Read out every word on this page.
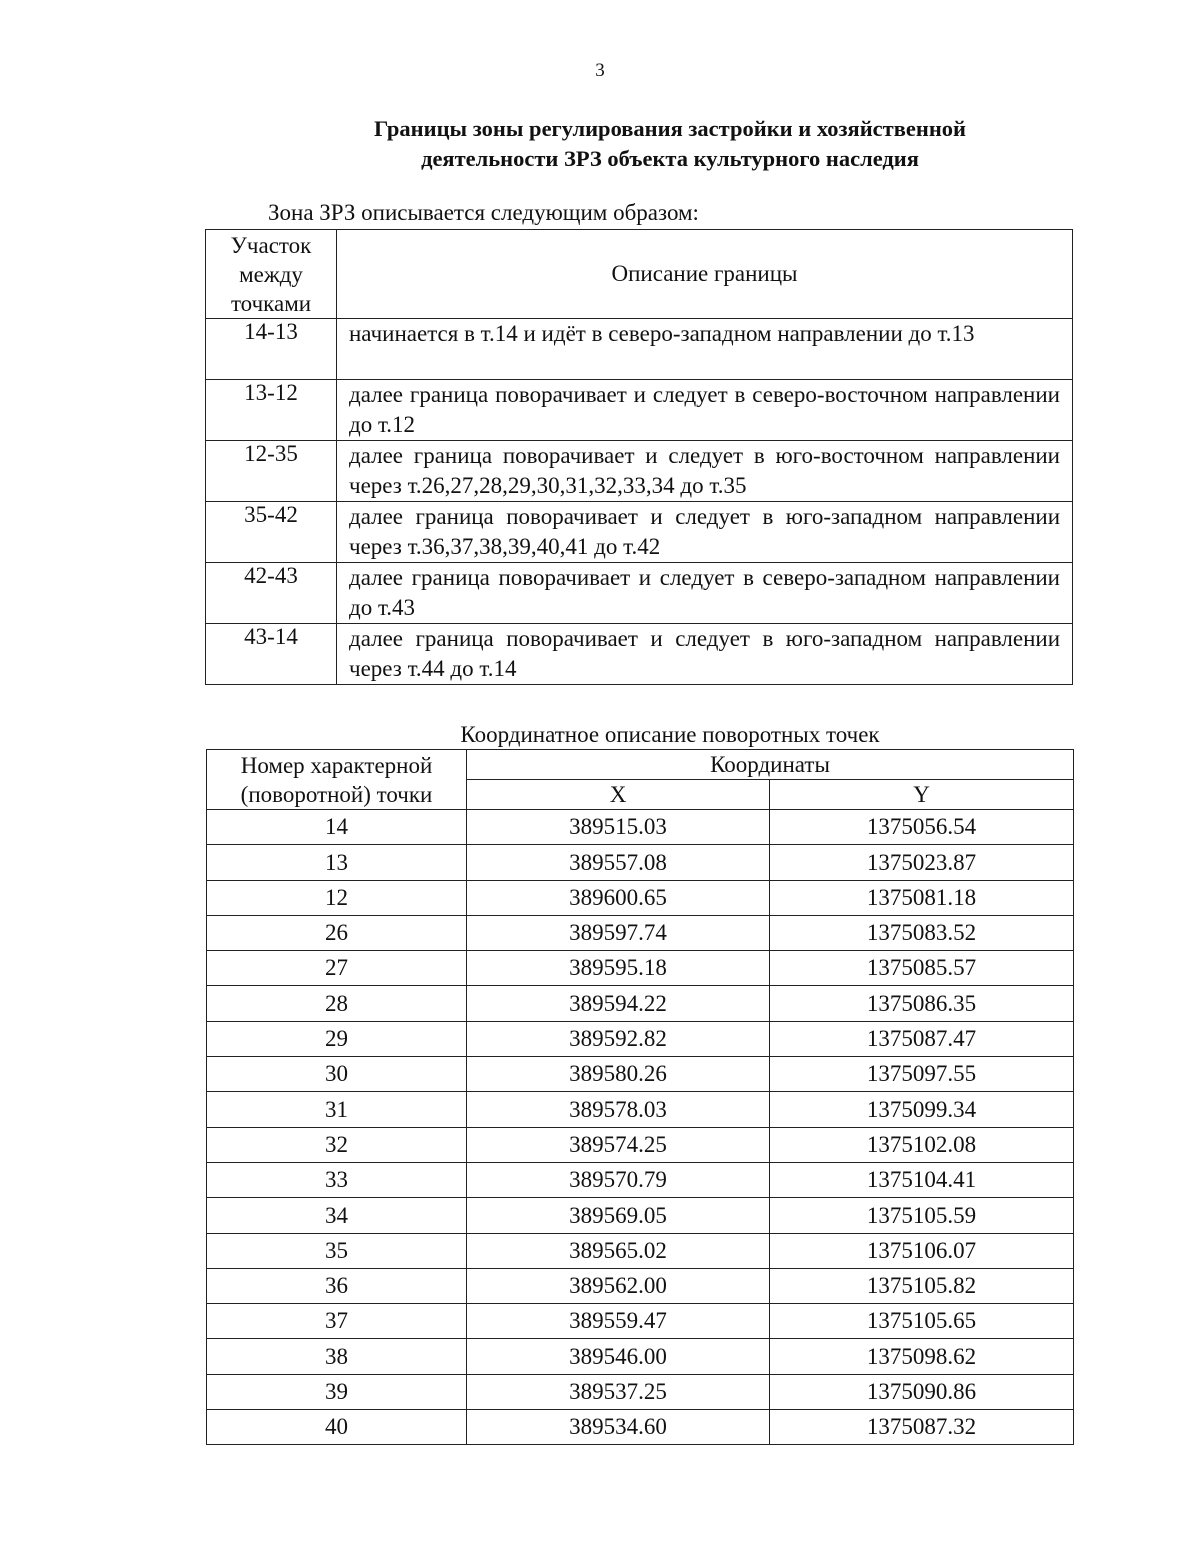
3
Границы зоны регулирования застройки и хозяйственной
деятельности ЗРЗ объекта культурного наследия
Зона ЗРЗ описывается следующим образом:
Участок
между
точками	Описание границы
14-13	начинается в т.14 и идёт в северо-западном направлении до т.13
13-12	далее граница поворачивает и следует в северо-восточном направлении до т.12
12-35	далее граница поворачивает и следует в юго-восточном направлении через т.26,27,28,29,30,31,32,33,34 до т.35
35-42	далее граница поворачивает и следует в юго-западном направлении через т.36,37,38,39,40,41 до т.42
42-43	далее граница поворачивает и следует в северо-западном направлении до т.43
43-14	далее граница поворачивает и следует в юго-западном направлении через т.44 до т.14
Координатное описание поворотных точек
Номер характерной
(поворотной) точки	Координаты	
	X	Y
14	389515.03	1375056.54
13	389557.08	1375023.87
12	389600.65	1375081.18
26	389597.74	1375083.52
27	389595.18	1375085.57
28	389594.22	1375086.35
29	389592.82	1375087.47
30	389580.26	1375097.55
31	389578.03	1375099.34
32	389574.25	1375102.08
33	389570.79	1375104.41
34	389569.05	1375105.59
35	389565.02	1375106.07
36	389562.00	1375105.82
37	389559.47	1375105.65
38	389546.00	1375098.62
39	389537.25	1375090.86
40	389534.60	1375087.32
